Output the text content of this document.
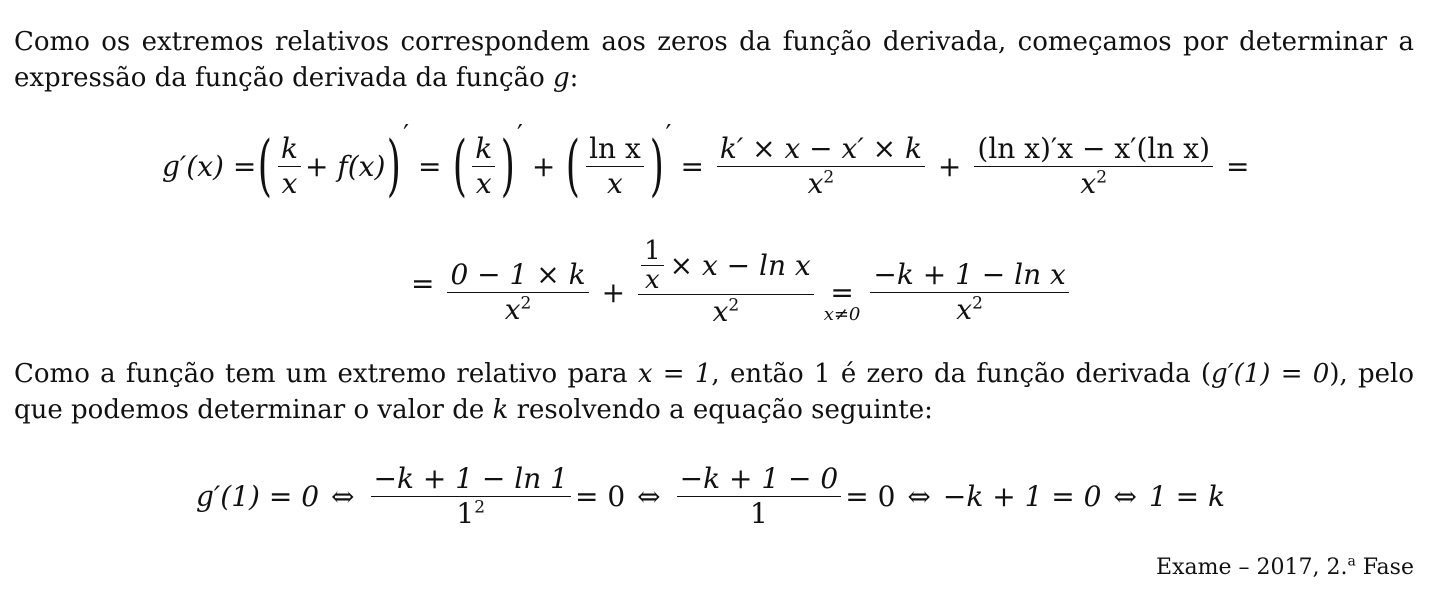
Como os extremos relativos correspondem aos zeros da função derivada, começamos por determinar a
expressão da função derivada da função g:
g′(x) = ( $\frac{k}{x} + f(x)$ ) ′
= ( $\frac{k}{x}$ ) ′
+ ( $\frac{\text{ln x}}{x}$ ) ′
= $\frac{k' \times x - x' \times k}{x^2} + \frac{\text{(ln x)′x − x′(ln x)}}{x^2}$ =
= $\frac{0 - 1 \times k}{x^2} + \frac{\frac{1}{x} \times x - \ln x}{x^2}$ =
$x\ne 0 \frac{\text{−k + 1 − ln x}}{x^2}$
Como a função tem um extremo relativo para x = 1, então 1 é zero da função derivada (g′(1) = 0), pelo
que podemos determinar o valor de k resolvendo a equação seguinte:
g′(1) = 0 ⇔ $\frac{-k + 1 - \ln 1}{1^2} = 0$ ⇔ $\frac{-k + 1 - 0}{1} = 0$ ⇔ −k + 1 = 0 ⇔ 1 = k
Exame – 2017, 2.$^a$ Fase
